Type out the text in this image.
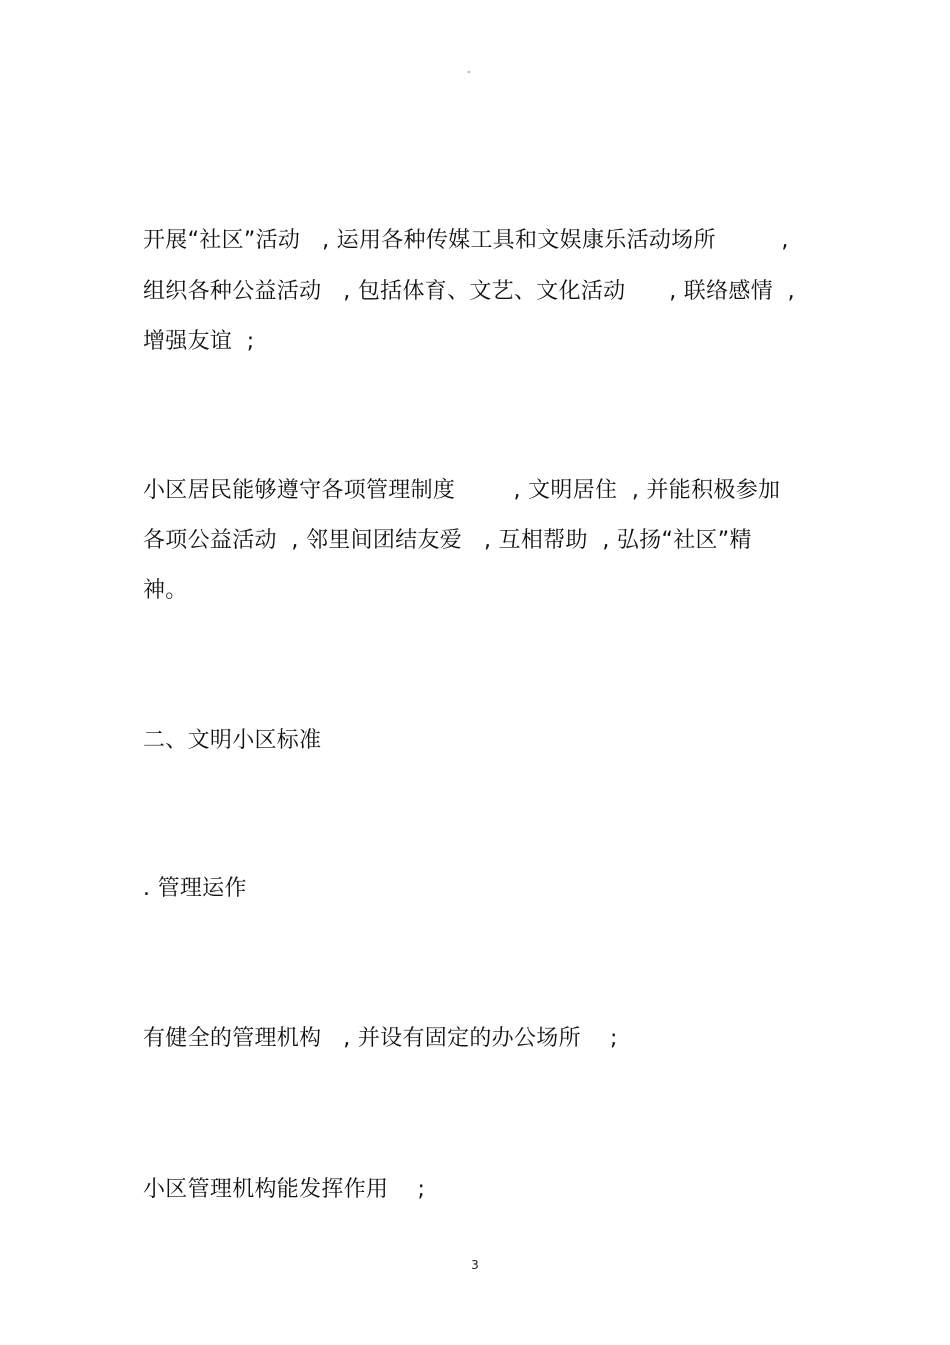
"
开展“社区”活动   , 运用各种传媒工具和文娱康乐活动场所         ,
组织各种公益活动   , 包括体育、文艺、文化活动      , 联络感情  ,
增强友谊  ;
小区居民能够遵守各项管理制度        , 文明居住  , 并能积极参加
各项公益活动  , 邻里间团结友爱   , 互相帮助  , 弘扬“社区”精
神。
二、文明小区标准
. 管理运作
有健全的管理机构   , 并设有固定的办公场所    ;
小区管理机构能发挥作用    ;
3
